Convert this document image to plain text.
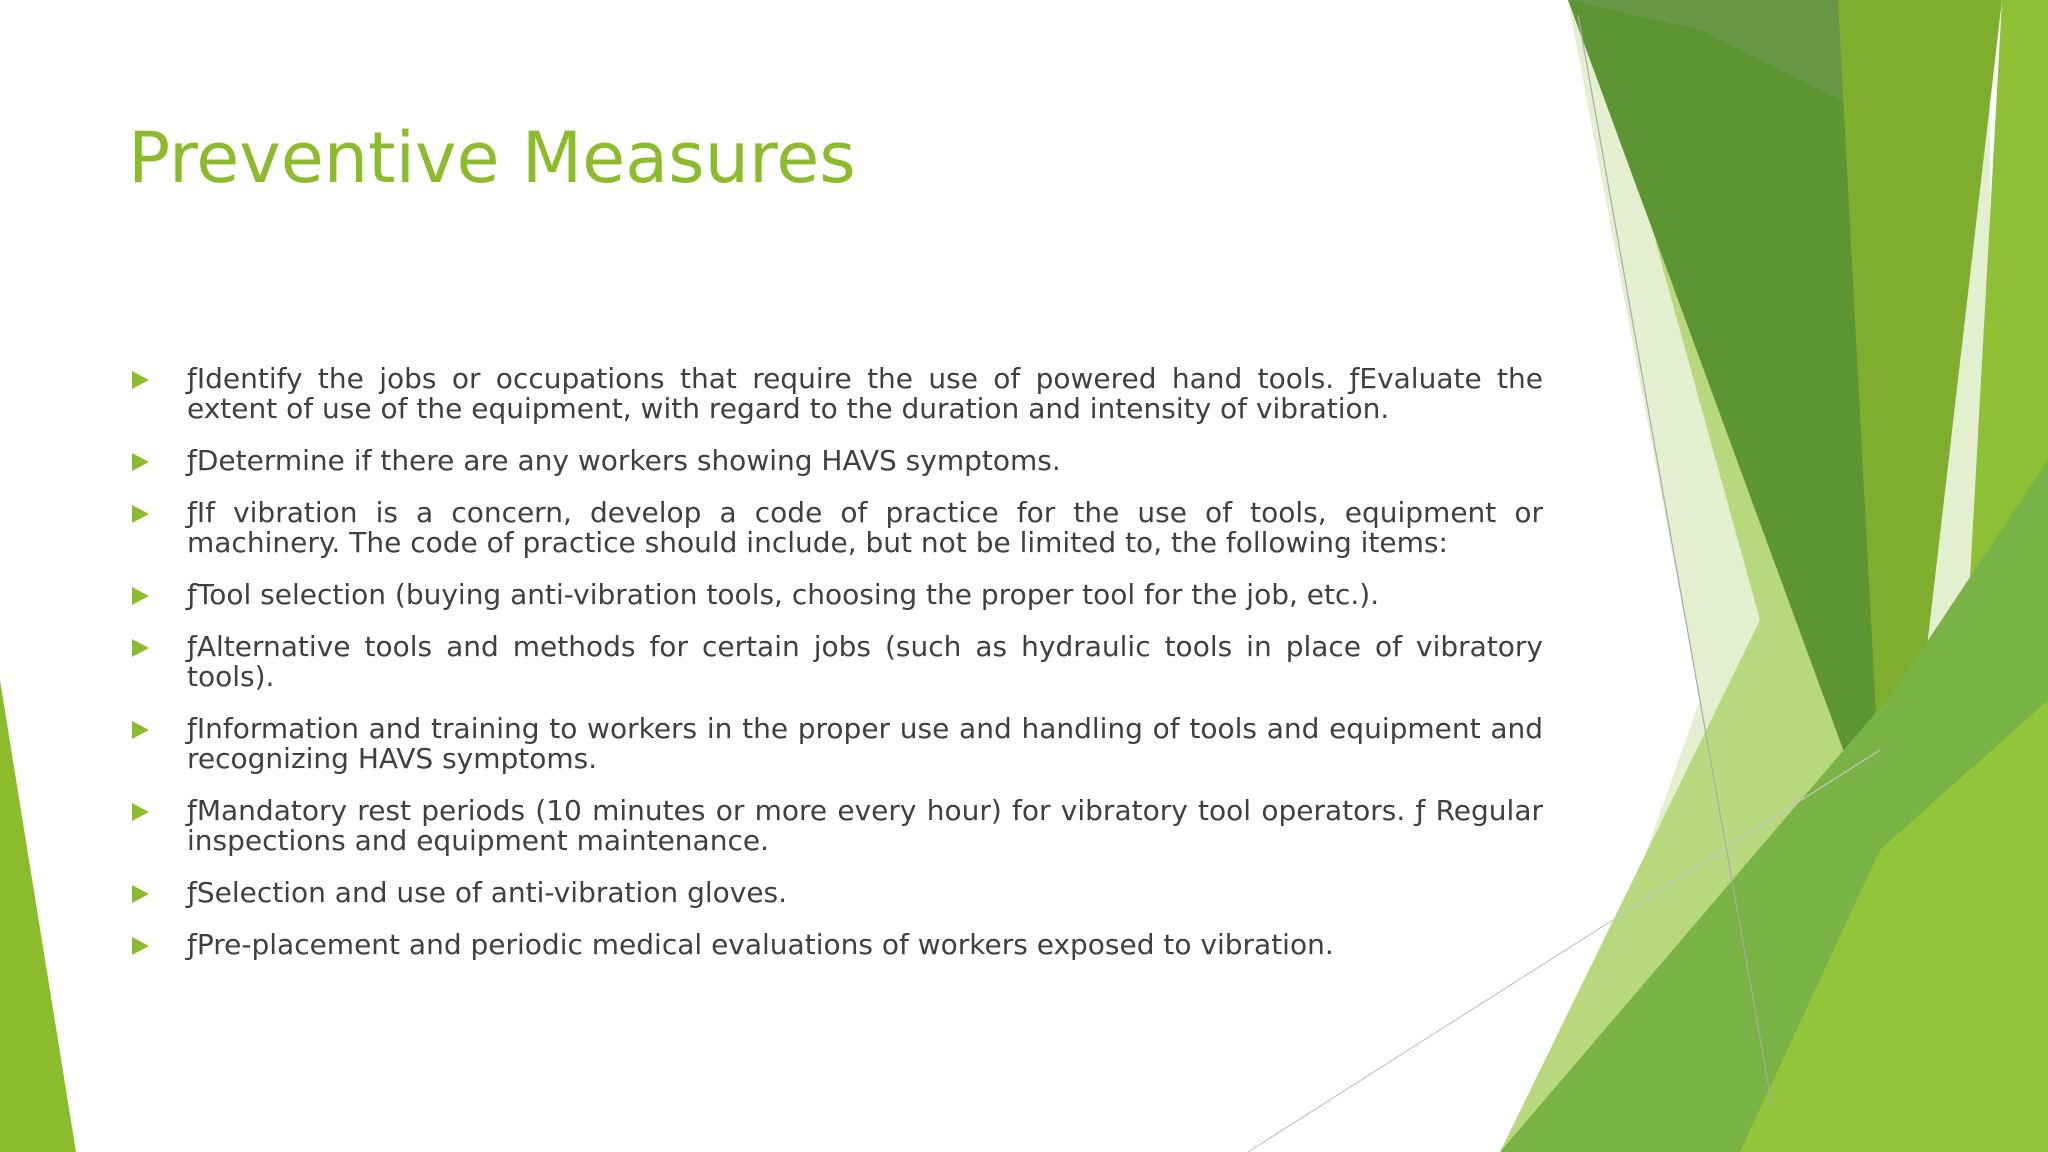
Preventive Measures
ƒIdentify the jobs or occupations that require the use of powered hand tools. ƒEvaluate the extent of use of the equipment, with regard to the duration and intensity of vibration.
ƒDetermine if there are any workers showing HAVS symptoms.
ƒIf vibration is a concern, develop a code of practice for the use of tools, equipment or machinery. The code of practice should include, but not be limited to, the following items:
ƒTool selection (buying anti-vibration tools, choosing the proper tool for the job, etc.).
ƒAlternative tools and methods for certain jobs (such as hydraulic tools in place of vibratory tools).
ƒInformation and training to workers in the proper use and handling of tools and equipment and recognizing HAVS symptoms.
ƒMandatory rest periods (10 minutes or more every hour) for vibratory tool operators. ƒ Regular inspections and equipment maintenance.
ƒSelection and use of anti-vibration gloves.
ƒPre-placement and periodic medical evaluations of workers exposed to vibration.
